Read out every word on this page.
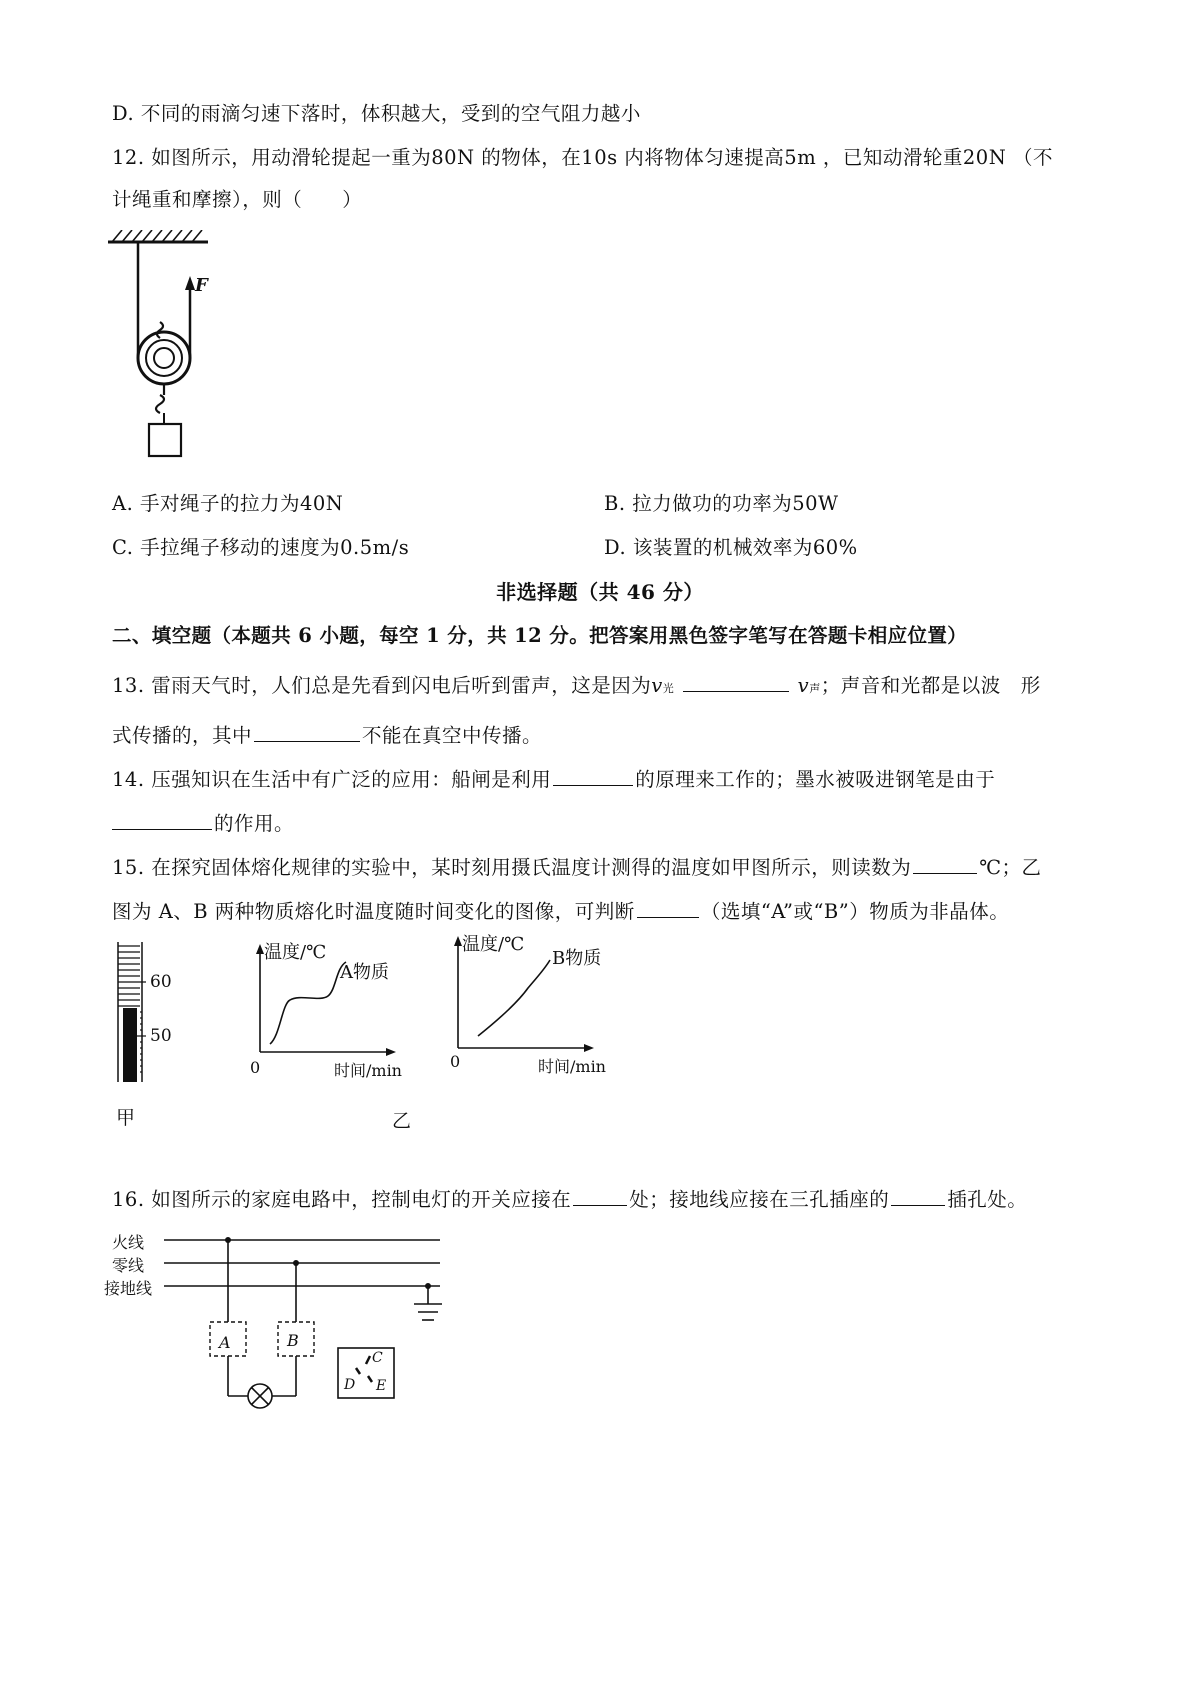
D. 不同的雨滴匀速下落时，体积越大，受到的空气阻力越小
12. 如图所示，用动滑轮提起一重为80N 的物体，在10s 内将物体匀速提高5m ，已知动滑轮重20N （不
计绳重和摩擦），则（　　）
F
A. 手对绳子的拉力为40N	B. 拉力做功的功率为50W
C. 手拉绳子移动的速度为0.5m/s	D. 该装置的机械效率为60%
非选择题（共 46 分）
二、填空题（本题共 6 小题，每空 1 分，共 12 分。把答案用黑色签字笔写在答题卡相应位置）
13. 雷雨天气时，人们总是先看到闪电后听到雷声，这是因为v光	v声；声音和光都是以波　形
式传播的，其中	不能在真空中传播。
14. 压强知识在生活中有广泛的应用：船闸是利用	的原理来工作的；墨水被吸进钢笔是由于
的作用。
15. 在探究固体熔化规律的实验中，某时刻用摄氏温度计测得的温度如甲图所示，则读数为	℃；乙
图为 A、B 两种物质熔化时温度随时间变化的图像，可判断	（选填“A”或“B”）物质为非晶体。
60
50
甲
温度/℃
A物质
0	时间/min
温度/℃
B物质
0	时间/min
乙
16. 如图所示的家庭电路中，控制电灯的开关应接在	处；接地线应接在三孔插座的	插孔处。
火线
零线
接地线
A	B
C
D E
